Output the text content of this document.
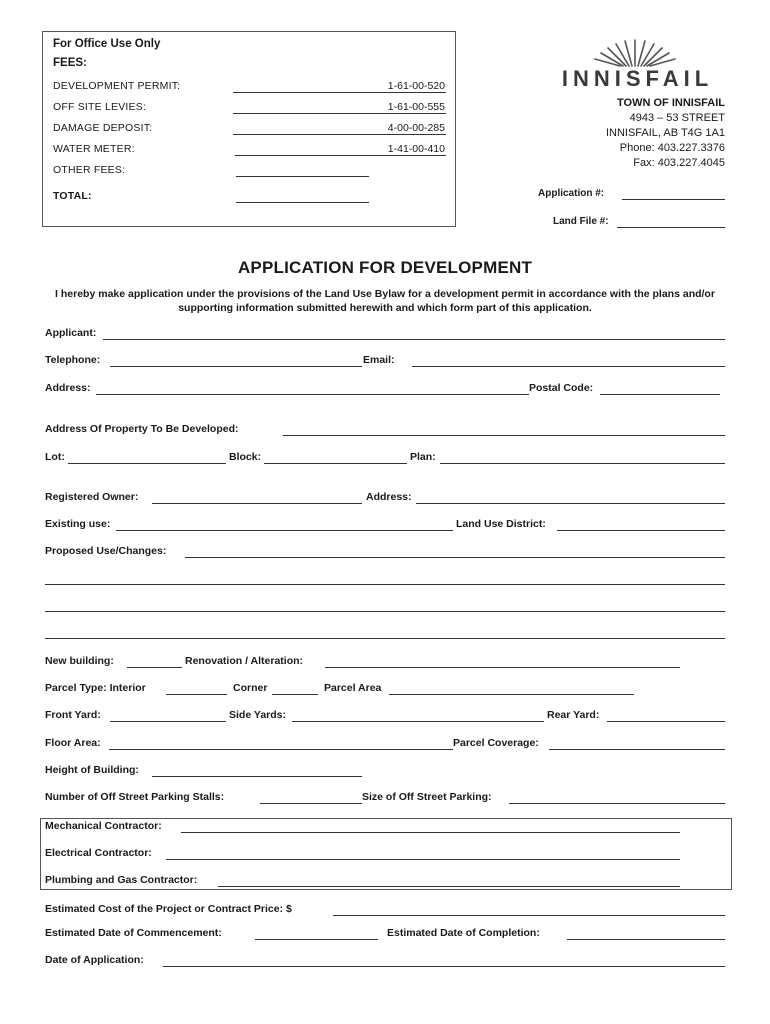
For Office Use Only
FEES:
DEVELOPMENT PERMIT:	1-61-00-520
OFF SITE LEVIES:	1-61-00-555
DAMAGE DEPOSIT:	4-00-00-285
WATER METER:	1-41-00-410
OTHER FEES:
TOTAL:
INNISFAIL
TOWN OF INNISFAIL
4943 – 53 STREET
INNISFAIL, AB T4G 1A1
Phone: 403.227.3376
Fax: 403.227.4045
Application #:
Land File #:
APPLICATION FOR DEVELOPMENT
I hereby make application under the provisions of the Land Use Bylaw for a development permit in accordance with the plans and/or supporting information submitted herewith and which form part of this application.
Applicant:
Telephone:	Email:
Address:	Postal Code:
Address Of Property To Be Developed:
Lot:	Block:	Plan:
Registered Owner:	Address:
Existing use:	Land Use District:
Proposed Use/Changes:
New building:	Renovation / Alteration:
Parcel Type: Interior	Corner	Parcel Area
Front Yard:	Side Yards:	Rear Yard:
Floor Area:	Parcel Coverage:
Height of Building:
Number of Off Street Parking Stalls:	Size of Off Street Parking:
Mechanical Contractor:
Electrical Contractor:
Plumbing and Gas Contractor:
Estimated Cost of the Project or Contract Price: $
Estimated Date of Commencement:	Estimated Date of Completion:
Date of Application:
